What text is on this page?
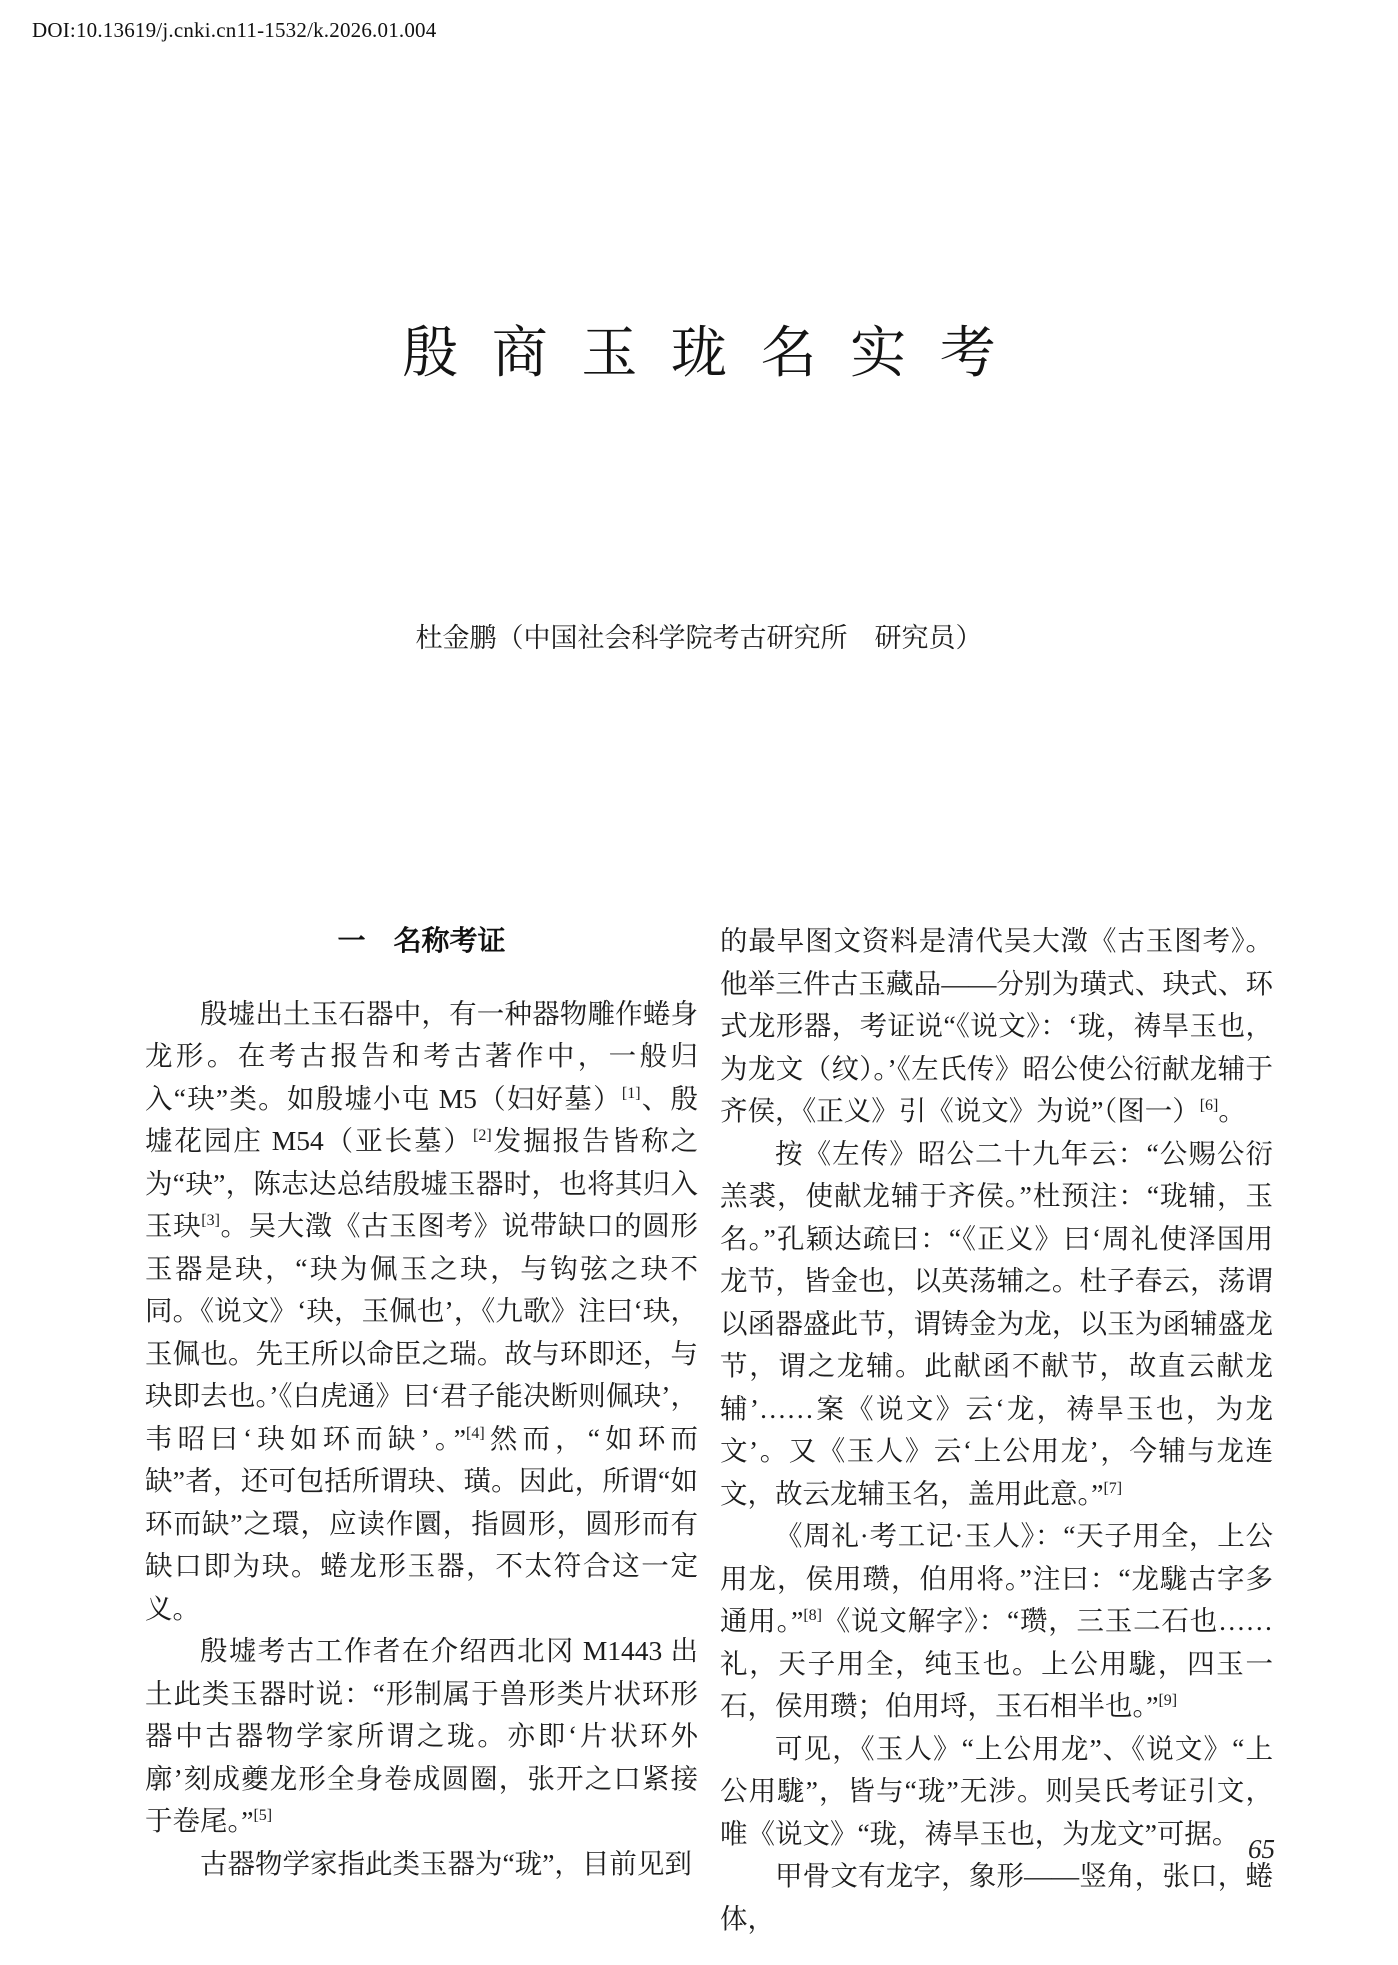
DOI:10.13619/j.cnki.cn11-1532/k.2026.01.004
殷商玉珑名实考
杜金鹏（中国社会科学院考古研究所　研究员）
一　名称考证

殷墟出土玉石器中，有一种器物雕作蜷身龙形。在考古报告和考古著作中，一般归入“玦”类。如殷墟小屯 M5（妇好墓）[1]、殷墟花园庄 M54（亚长墓）[2]发掘报告皆称之为“玦”，陈志达总结殷墟玉器时，也将其归入玉玦[3]。吴大澂《古玉图考》说带缺口的圆形玉器是玦，“玦为佩玉之玦，与钩弦之玦不同。《说文》‘玦，玉佩也’，《九歌》注曰‘玦，玉佩也。先王所以命臣之瑞。故与环即还，与玦即去也。’《白虎通》曰‘君子能决断则佩玦’，韦昭曰‘玦如环而缺’。”[4]然而，“如环而缺”者，还可包括所谓玦、璜。因此，所谓“如环而缺”之環，应读作圜，指圆形，圆形而有缺口即为玦。蜷龙形玉器，不太符合这一定义。

殷墟考古工作者在介绍西北冈 M1443 出土此类玉器时说：“形制属于兽形类片状环形器中古器物学家所谓之珑。亦即‘片状环外廓’刻成夔龙形全身卷成圆圈，张开之口紧接于卷尾。”[5]

古器物学家指此类玉器为“珑”，目前见到

的最早图文资料是清代吴大澂《古玉图考》。他举三件古玉藏品——分别为璜式、玦式、环式龙形器，考证说“《说文》：‘珑，祷旱玉也，为龙文（纹）。’《左氏传》昭公使公衍献龙辅于齐侯，《正义》引《说文》为说”（图一）[6]。

按《左传》昭公二十九年云：“公赐公衍羔裘，使献龙辅于齐侯。”杜预注：“珑辅，玉名。”孔颖达疏曰：“《正义》曰‘周礼使泽国用龙节，皆金也，以英荡辅之。杜子春云，荡谓以函器盛此节，谓铸金为龙，以玉为函辅盛龙节，谓之龙辅。此献函不献节，故直云献龙辅’……案《说文》云‘龙，祷旱玉也，为龙文’。又《玉人》云‘上公用龙’，今辅与龙连文，故云龙辅玉名，盖用此意。”[7]

《周礼·考工记·玉人》：“天子用全，上公用龙，侯用瓒，伯用将。”注曰：“龙駹古字多通用。”[8]《说文解字》：“瓒，三玉二石也……礼，天子用全，纯玉也。上公用駹，四玉一石，侯用瓒；伯用埒，玉石相半也。”[9]

可见，《玉人》“上公用龙”、《说文》“上公用駹”，皆与“珑”无涉。则吴氏考证引文，唯《说文》“珑，祷旱玉也，为龙文”可据。

甲骨文有龙字，象形——竖角，张口，蜷体，

65
